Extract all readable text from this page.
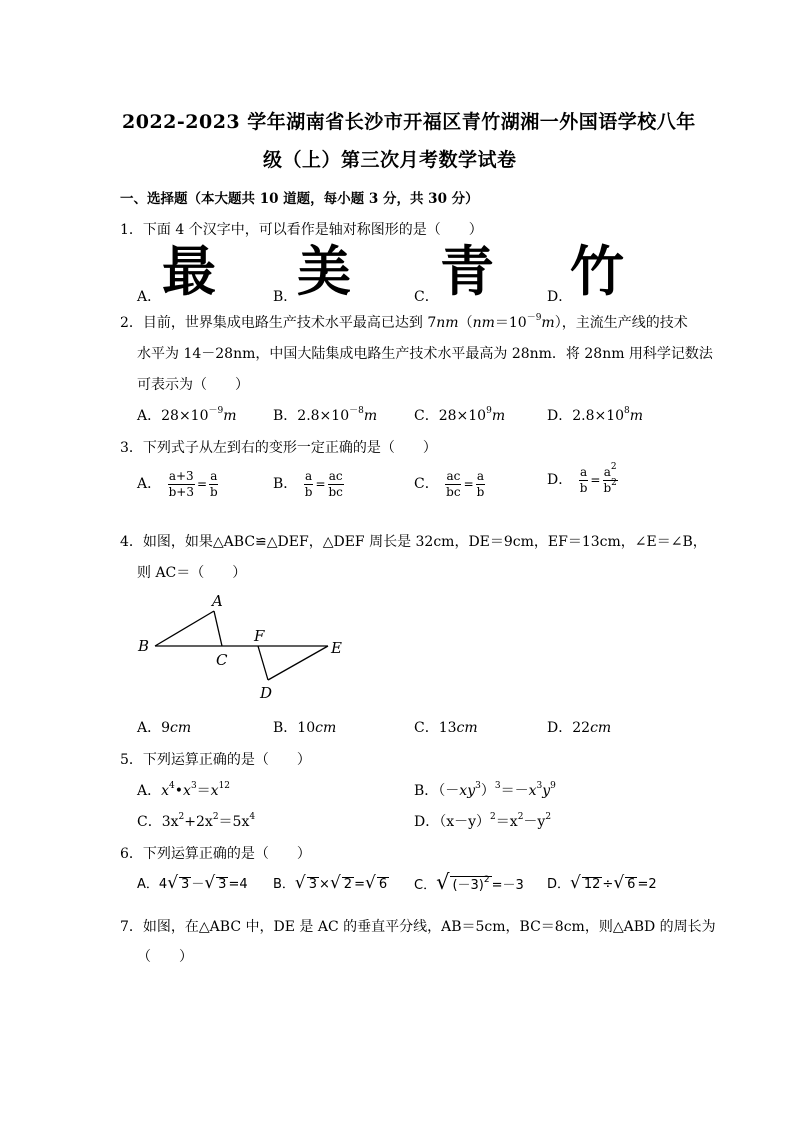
2022-2023 学年湖南省长沙市开福区青竹湖湘一外国语学校八年
级（上）第三次月考数学试卷
一、选择题（本大题共 10 道题，每小题 3 分，共 30 分）
1．下面 4 个汉字中，可以看作是轴对称图形的是（　　）
A． 最	B． 美	C． 青	D．
竹
2．目前，世界集成电路生产技术水平最高已达到 $7nm(nm=10^{-9}m)$，主流生产线的技术
水平为 14－28nm，中国大陆集成电路生产技术水平最高为 28nm．将 28nm 用科学记数法
可表示为（　　）
A．$28\times 10^{-9}m$	B．$2.8\times 10^{-8}m$	C．$28\times 10^9m$	D．$2.8\times 10^8m$
3．下列式子从左到右的变形一定正确的是（　　）
A． $\frac{a+3}{b+3} = \frac{a}{b}$	B． $\frac{a}{b} = \frac{ac}{bc}$	C． $\frac{ac}{bc} = \frac{a}{b}$	D． $\frac{a}{b} = \frac{a^2}{b^2}$
4．如图，如果△ABC≌△DEF，△DEF 周长是 32cm，DE＝9cm，EF＝13cm，∠E＝∠B，
则 AC＝（　　）
A
B
C
D
E
F
A．9cm	B．10cm	C．13cm	D．22cm
5．下列运算正确的是（　　）
A．$x^4•x^3=x^{12}$	B．$(-xy^3)^3=-x^3y^9$
C．$3x^2+2x^2=5x^4$	D．$(x-y)^2=x^2-y^2$
6．下列运算正确的是（　　）
A．4√ 3 －√ 3 =4 B．√ 3 ×√ 2 =√ 6 C．√ $(-3)^2 =-3$ D．√ 12 ÷√ 6 =2
7．如图，在△ABC 中，DE 是 AC 的垂直平分线，AB＝5cm，BC＝8cm，则△ABD 的周长为
（　　）
